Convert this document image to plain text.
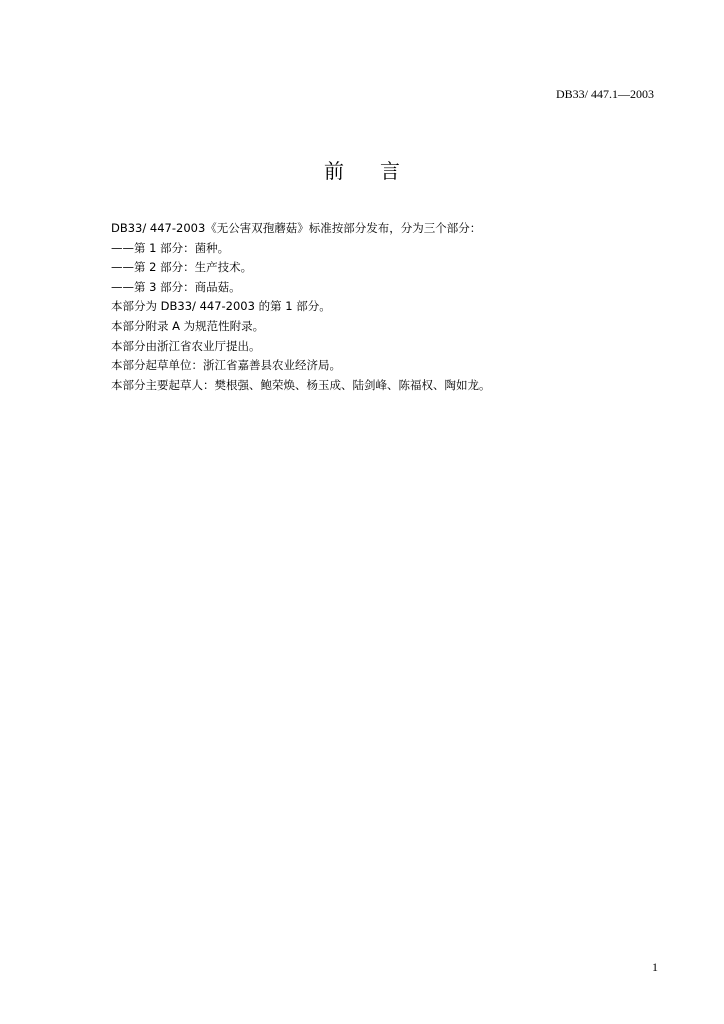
DB33/ 447.1—2003
前 言
DB33/ 447-2003《无公害双孢蘑菇》标准按部分发布，分为三个部分：
——第 1 部分：菌种。
——第 2 部分：生产技术。
——第 3 部分：商品菇。
本部分为 DB33/ 447-2003 的第 1 部分。
本部分附录 A 为规范性附录。
本部分由浙江省农业厅提出。
本部分起草单位：浙江省嘉善县农业经济局。
本部分主要起草人：樊根强、鲍荣焕、杨玉成、陆剑峰、陈福权、陶如龙。
1
